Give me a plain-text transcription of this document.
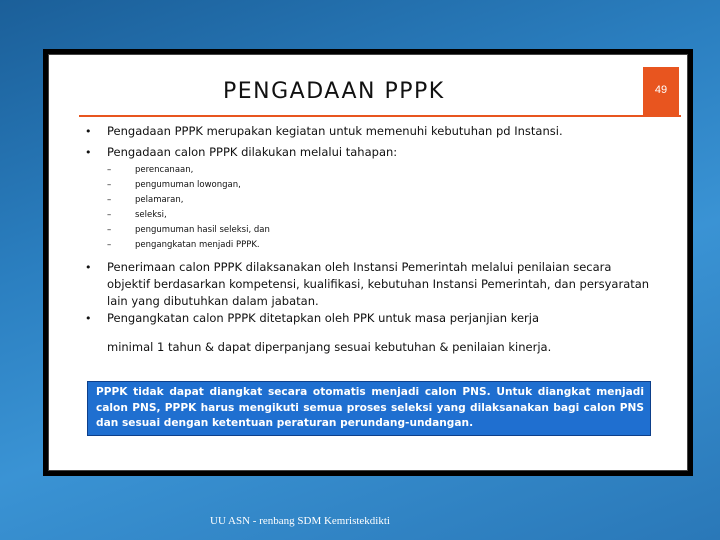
PENGADAAN PPPK	49
• Pengadaan PPPK merupakan kegiatan untuk memenuhi kebutuhan pd Instansi.
• Pengadaan calon PPPK dilakukan melalui tahapan:
–	perencanaan,
–	pengumuman lowongan,
–	pelamaran,
–	seleksi,
–	pengumuman hasil seleksi, dan
–	pengangkatan menjadi PPPK.
• Penerimaan calon PPPK dilaksanakan oleh Instansi Pemerintah melalui penilaian secara objektif berdasarkan kompetensi, kualifikasi, kebutuhan Instansi Pemerintah, dan persyaratan lain yang dibutuhkan dalam jabatan.
• Pengangkatan calon PPPK ditetapkan oleh PPK untuk masa perjanjian kerja
minimal 1 tahun & dapat diperpanjang sesuai kebutuhan & penilaian kinerja.
PPPK tidak dapat diangkat secara otomatis menjadi calon PNS. Untuk diangkat menjadi calon PNS, PPPK harus mengikuti semua proses seleksi yang dilaksanakan bagi calon PNS dan sesuai dengan ketentuan peraturan perundang-undangan.
UU ASN - renbang SDM Kemristekdikti
